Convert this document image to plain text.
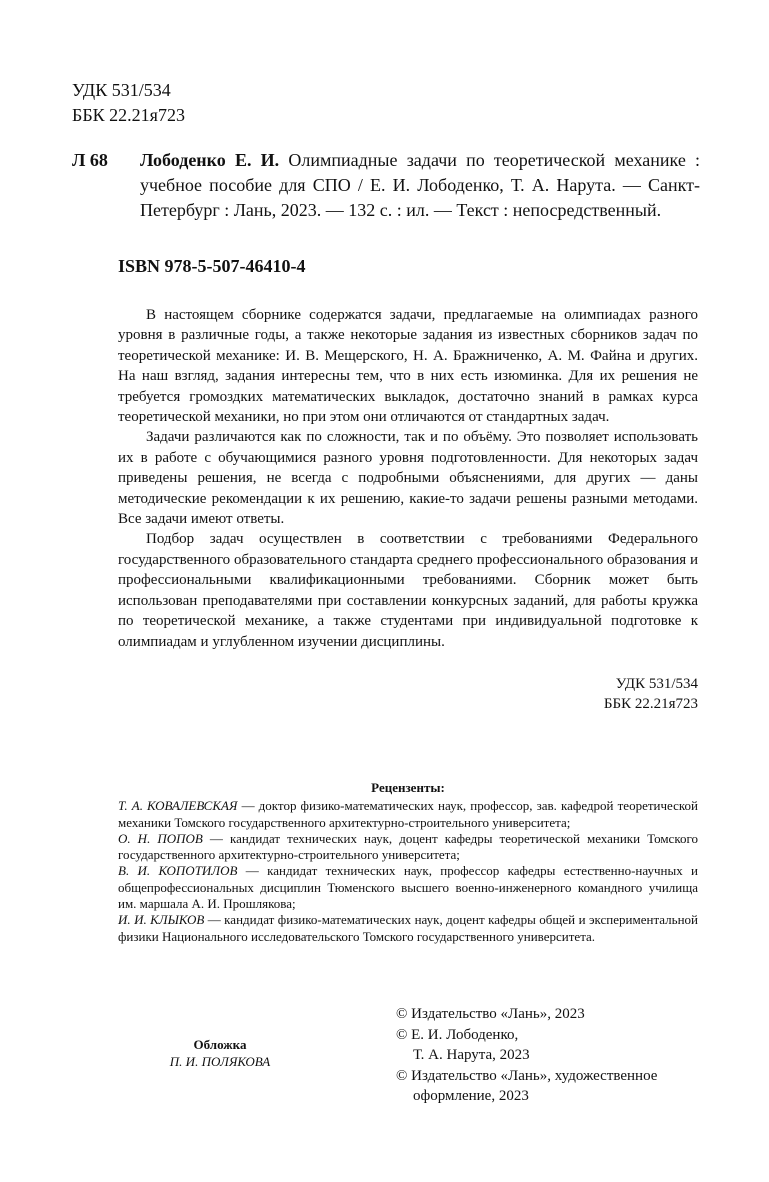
УДК 531/534
ББК 22.21я723
Л 68 Лободенко Е. И. Олимпиадные задачи по теоретической механике : учебное пособие для СПО / Е. И. Лободенко, Т. А. Нарута. — Санкт-Петербург : Лань, 2023. — 132 с. : ил. — Текст : непосредственный.
ISBN 978-5-507-46410-4

В настоящем сборнике содержатся задачи, предлагаемые на олимпиадах разного уровня в различные годы, а также некоторые задания из известных сборников задач по теоретической механике: И. В. Мещерского, Н. А. Бражниченко, А. М. Файна и других. На наш взгляд, задания интересны тем, что в них есть изюминка. Для их решения не требуется громоздких математических выкладок, достаточно знаний в рамках курса теоретической механики, но при этом они отличаются от стандартных задач.

Задачи различаются как по сложности, так и по объёму. Это позволяет использовать их в работе с обучающимися разного уровня подготовленности. Для некоторых задач приведены решения, не всегда с подробными объяснениями, для других — даны методические рекомендации к их решению, какие-то задачи решены разными методами. Все задачи имеют ответы.

Подбор задач осуществлен в соответствии с требованиями Федерального государственного образовательного стандарта среднего профессионального образования и профессиональными квалификационными требованиями. Сборник может быть использован преподавателями при составлении конкурсных заданий, для работы кружка по теоретической механике, а также студентами при индивидуальной подготовке к олимпиадам и углубленном изучении дисциплины.

УДК 531/534
ББК 22.21я723
Рецензенты:
Т. А. КОВАЛЕВСКАЯ — доктор физико-математических наук, профессор, зав. кафедрой теоретической механики Томского государственного архитектурно-строительного университета;
О. Н. ПОПОВ — кандидат технических наук, доцент кафедры теоретической механики Томского государственного архитектурно-строительного университета;
В. И. КОПОТИЛОВ — кандидат технических наук, профессор кафедры естественно-научных и общепрофессиональных дисциплин Тюменского высшего военно-инженерного командного училища им. маршала А. И. Прошлякова;
И. И. КЛЫКОВ — кандидат физико-математических наук, доцент кафедры общей и экспериментальной физики Национального исследовательского Томского государственного университета.
Обложка
П. И. ПОЛЯКОВА
© Издательство «Лань», 2023
© Е. И. Лободенко,
Т. А. Нарута, 2023
© Издательство «Лань», художественное
оформление, 2023
